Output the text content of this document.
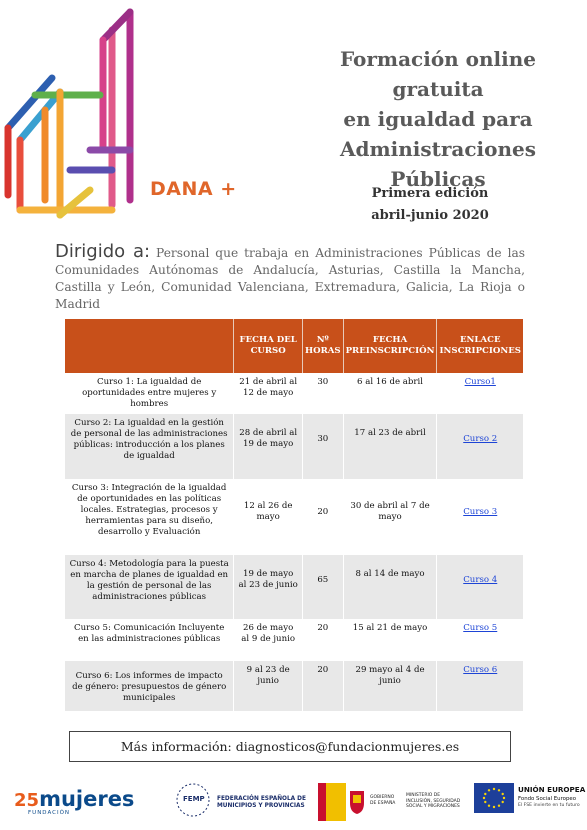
DANA +
Formación online gratuita
en igualdad para
Administraciones
Públicas
Primera edición
abril-junio 2020
Dirigido a: Personal que trabaja en Administraciones Públicas de las Comunidades Autónomas de Andalucía, Asturias, Castilla la Mancha, Castilla y León, Comunidad Valenciana, Extremadura, Galicia, La Rioja o Madrid
	FECHA DEL CURSO	Nº HORAS	FECHA PREINSCRIPCIÓN	ENLACE INSCRIPCIONES
Curso 1: La igualdad de oportunidades entre mujeres y hombres	21 de abril al 12 de mayo	30	6 al 16 de abril	Curso1
Curso 2: La igualdad en la gestión de personal de las administraciones públicas: introducción a los planes de igualdad	28 de abril al 19 de mayo	30	17 al 23 de abril	Curso 2
Curso 3: Integración de la igualdad de oportunidades en las políticas locales. Estrategias, procesos y herramientas para su diseño, desarrollo y Evaluación	12 al 26 de mayo	20	30 de abril al 7 de mayo	Curso 3
Curso 4: Metodología para la puesta en marcha de planes de igualdad en la gestión de personal de las administraciones públicas	19 de mayo al 23 de junio	65	8 al 14 de mayo	Curso 4
Curso 5: Comunicación Incluyente en las administraciones públicas	26 de mayo al 9 de junio	20	15 al 21 de mayo	Curso 5
Curso 6: Los informes de impacto de género: presupuestos de género municipales	9 al 23 de junio	20	29 mayo al 4 de junio	Curso 6
Más información: diagnosticos@fundacionmujeres.es
25mujeres
FUNDACIÓN
FEMP FEDERACIÓN ESPAÑOLA DE
MUNICIPIOS Y PROVINCIAS
GOBIERNO DE ESPAÑA
MINISTERIO DE INCLUSIÓN, SEGURIDAD SOCIAL Y MIGRACIONES
UNIÓN EUROPEA
Fondo Social Europeo
El FSE invierte en tu futuro
